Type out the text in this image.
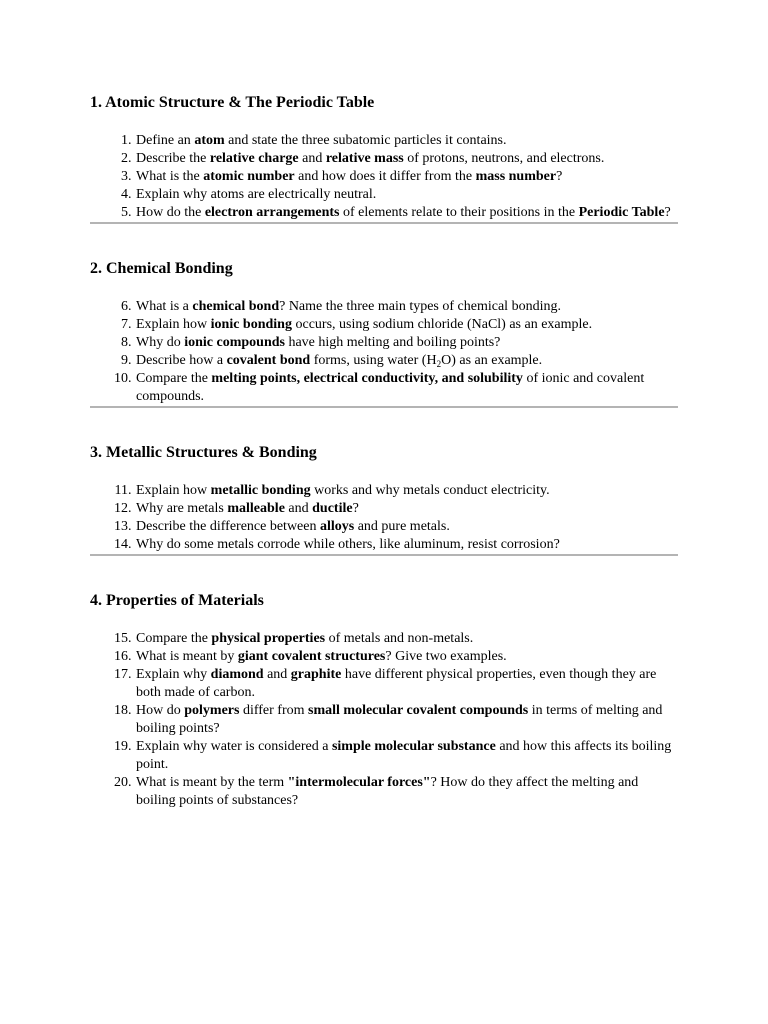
1. Atomic Structure & The Periodic Table
1. Define an atom and state the three subatomic particles it contains.
2. Describe the relative charge and relative mass of protons, neutrons, and electrons.
3. What is the atomic number and how does it differ from the mass number?
4. Explain why atoms are electrically neutral.
5. How do the electron arrangements of elements relate to their positions in the Periodic Table?
2. Chemical Bonding
6. What is a chemical bond? Name the three main types of chemical bonding.
7. Explain how ionic bonding occurs, using sodium chloride (NaCl) as an example.
8. Why do ionic compounds have high melting and boiling points?
9. Describe how a covalent bond forms, using water $(H_2O)$ as an example.
10. Compare the melting points, electrical conductivity, and solubility of ionic and covalent compounds.
3. Metallic Structures & Bonding
11. Explain how metallic bonding works and why metals conduct electricity.
12. Why are metals malleable and ductile?
13. Describe the difference between alloys and pure metals.
14. Why do some metals corrode while others, like aluminum, resist corrosion?
4. Properties of Materials
15. Compare the physical properties of metals and non-metals.
16. What is meant by giant covalent structures? Give two examples.
17. Explain why diamond and graphite have different physical properties, even though they are both made of carbon.
18. How do polymers differ from small molecular covalent compounds in terms of melting and boiling points?
19. Explain why water is considered a simple molecular substance and how this affects its boiling point.
20. What is meant by the term "intermolecular forces"? How do they affect the melting and boiling points of substances?
